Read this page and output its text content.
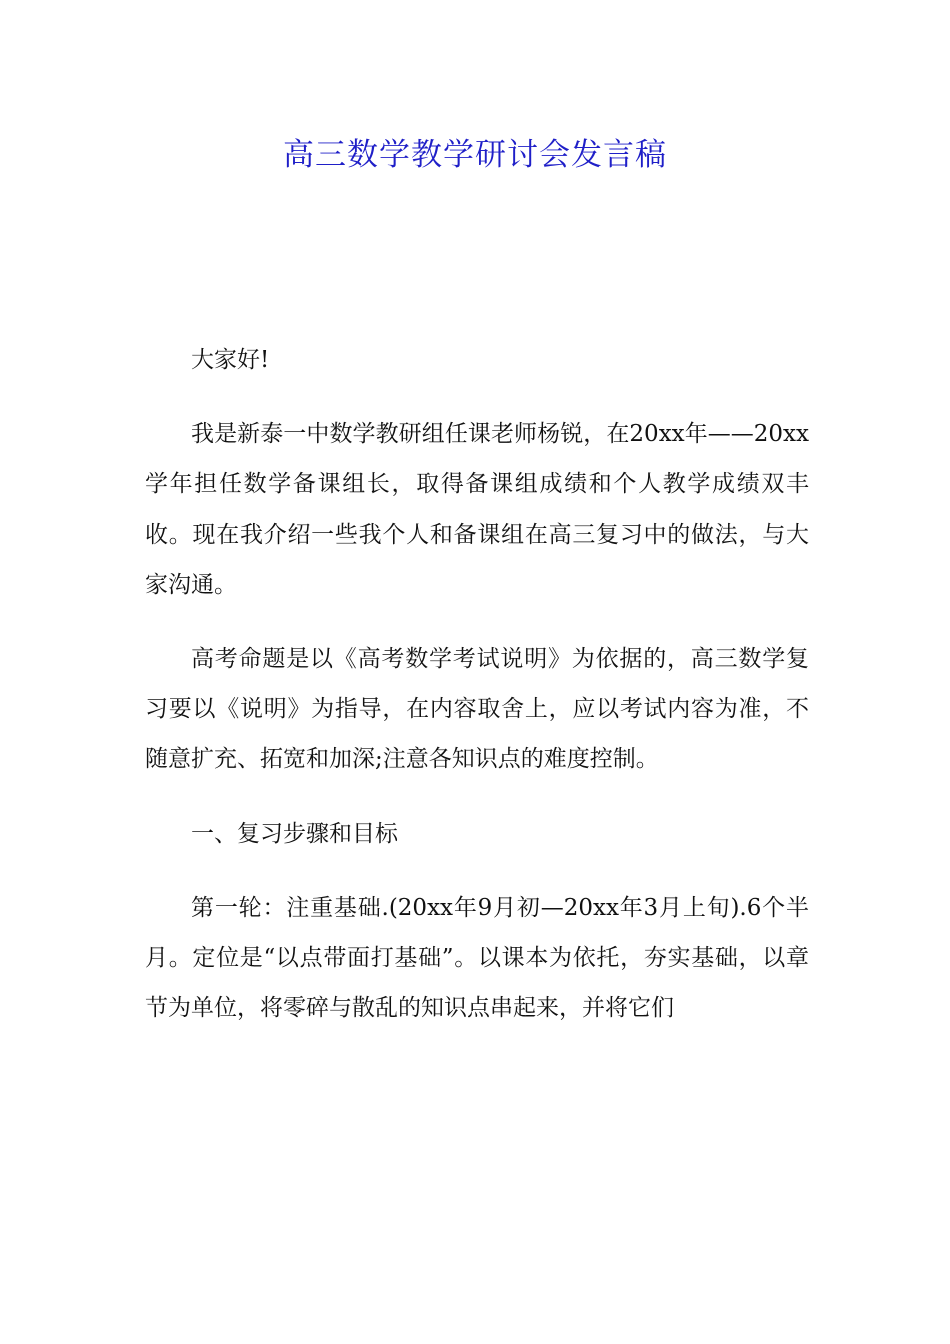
高三数学教学研讨会发言稿

大家好!

我是新泰一中数学教研组任课老师杨锐，在20xx年——20xx学年担任数学备课组长，取得备课组成绩和个人教学成绩双丰收。现在我介绍一些我个人和备课组在高三复习中的做法，与大家沟通。

高考命题是以《高考数学考试说明》为依据的，高三数学复习要以《说明》为指导，在内容取舍上，应以考试内容为准，不随意扩充、拓宽和加深;注意各知识点的难度控制。

一、复习步骤和目标

第一轮：注重基础.(20xx年9月初—20xx年3月上旬).6个半月。定位是“以点带面打基础”。以课本为依托，夯实基础，以章节为单位，将零碎与散乱的知识点串起来，并将它们
